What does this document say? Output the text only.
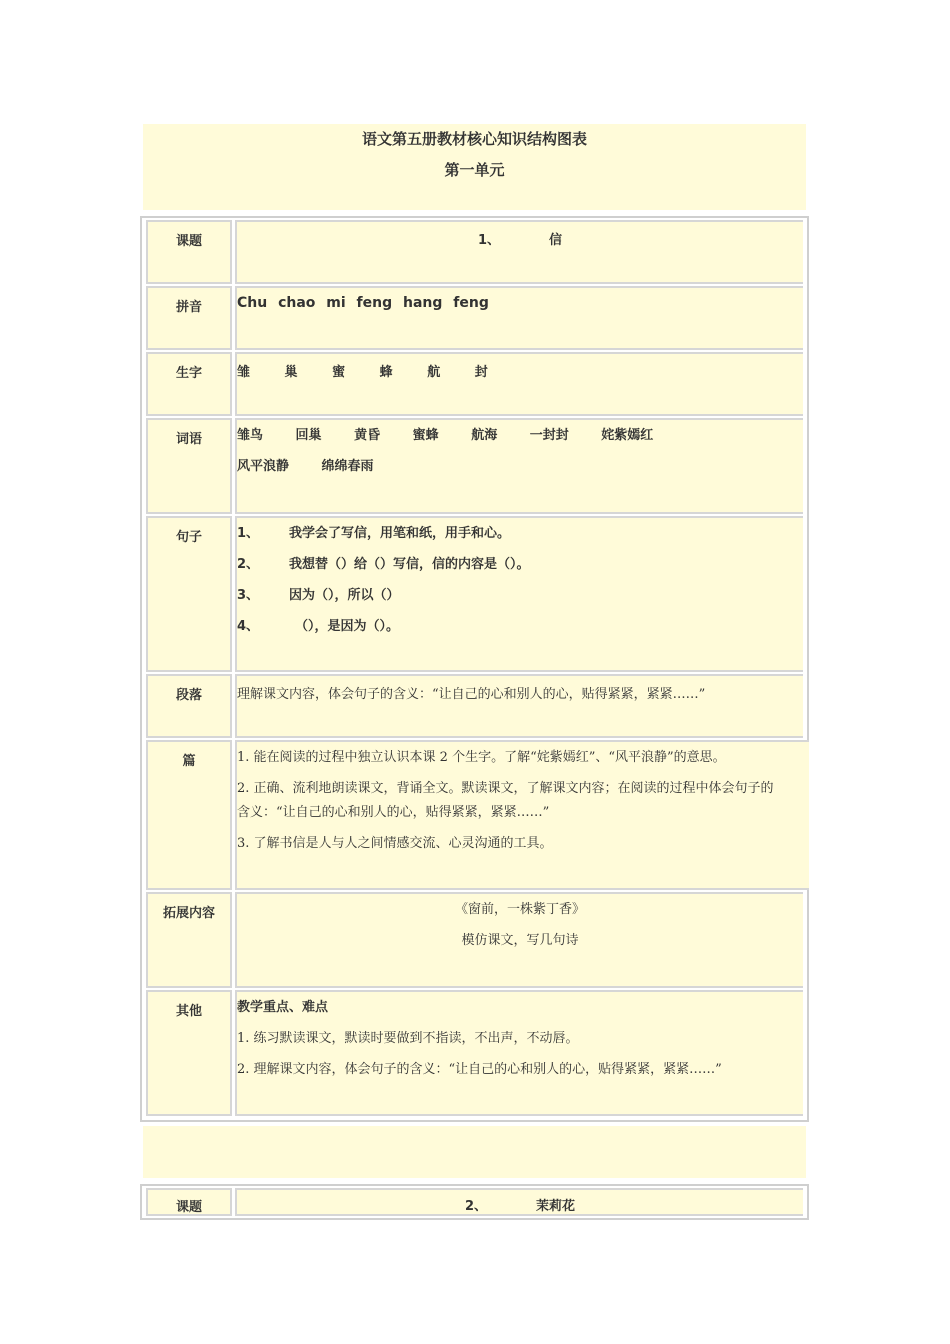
语文第五册教材核心知识结构图表
第一单元
课题	1、	信
拼音	Chu chao mi feng hang feng
生字	雏	巢	蜜	蜂	航	封
词语	雏鸟	回巢	黄昏	蜜蜂	航海	一封封	姹紫嫣红
风平浪静	绵绵春雨
句子	1、 我学会了写信，用笔和纸，用手和心。
2、 我想替（）给（）写信，信的内容是（）。
3、 因为（），所以（）
4、	（），是因为（）。
段落	理解课文内容，体会句子的含义：“让自己的心和别人的心，贴得紧紧，紧紧……”
篇	1. 能在阅读的过程中独立认识本课 2 个生字。了解“姹紫嫣红”、“风平浪静”的意思。
2. 正确、流利地朗读课文，背诵全文。默读课文，了解课文内容；在阅读的过程中体会句子的
含义：“让自己的心和别人的心，贴得紧紧，紧紧……”
3. 了解书信是人与人之间情感交流、心灵沟通的工具。
拓展内容	《窗前，一株紫丁香》
模仿课文，写几句诗
其他	教学重点、难点
1. 练习默读课文，默读时要做到不指读，不出声，不动唇。
2. 理解课文内容，体会句子的含义：“让自己的心和别人的心，贴得紧紧，紧紧……”
课题	2、	茉莉花
